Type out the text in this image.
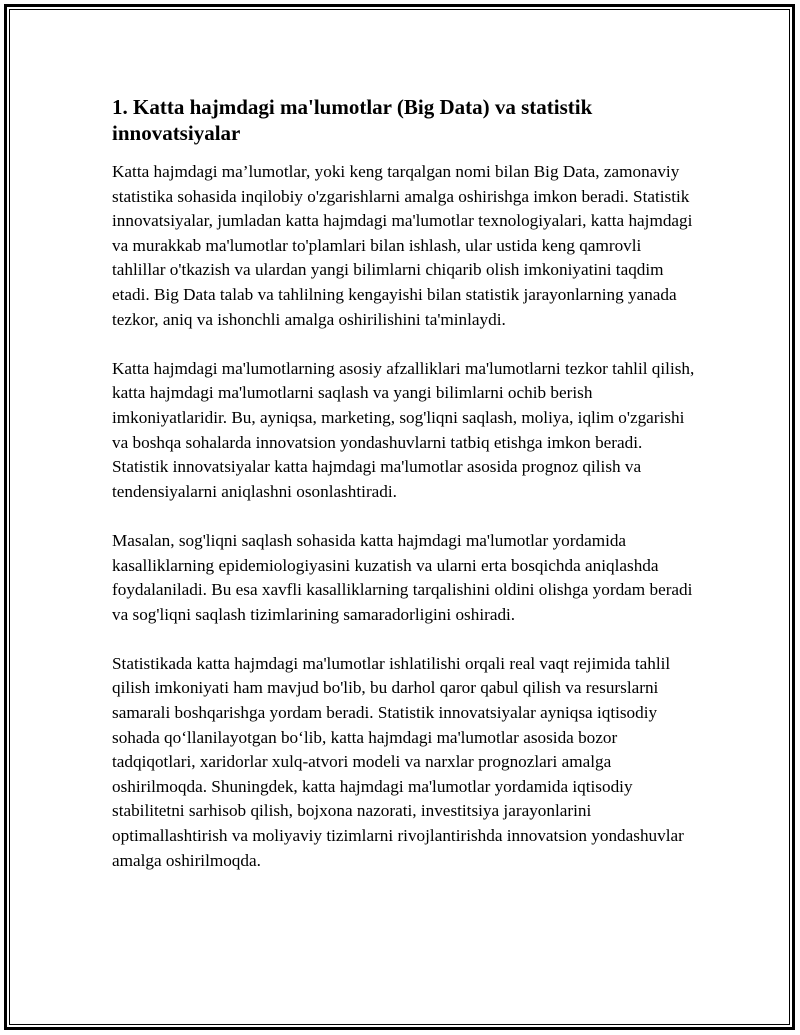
1. Katta hajmdagi ma'lumotlar (Big Data) va statistik innovatsiyalar

Katta hajmdagi ma’lumotlar, yoki keng tarqalgan nomi bilan Big Data, zamonaviy statistika sohasida inqilobiy o'zgarishlarni amalga oshirishga imkon beradi. Statistik innovatsiyalar, jumladan katta hajmdagi ma'lumotlar texnologiyalari, katta hajmdagi va murakkab ma'lumotlar to'plamlari bilan ishlash, ular ustida keng qamrovli tahlillar o'tkazish va ulardan yangi bilimlarni chiqarib olish imkoniyatini taqdim etadi. Big Data talab va tahlilning kengayishi bilan statistik jarayonlarning yanada tezkor, aniq va ishonchli amalga oshirilishini ta'minlaydi.

Katta hajmdagi ma'lumotlarning asosiy afzalliklari ma'lumotlarni tezkor tahlil qilish, katta hajmdagi ma'lumotlarni saqlash va yangi bilimlarni ochib berish imkoniyatlaridir. Bu, ayniqsa, marketing, sog'liqni saqlash, moliya, iqlim o'zgarishi va boshqa sohalarda innovatsion yondashuvlarni tatbiq etishga imkon beradi. Statistik innovatsiyalar katta hajmdagi ma'lumotlar asosida prognoz qilish va tendensiyalarni aniqlashni osonlashtiradi.

Masalan, sog'liqni saqlash sohasida katta hajmdagi ma'lumotlar yordamida kasalliklarning epidemiologiyasini kuzatish va ularni erta bosqichda aniqlashda foydalaniladi. Bu esa xavfli kasalliklarning tarqalishini oldini olishga yordam beradi va sog'liqni saqlash tizimlarining samaradorligini oshiradi.

Statistikada katta hajmdagi ma'lumotlar ishlatilishi orqali real vaqt rejimida tahlil qilish imkoniyati ham mavjud bo'lib, bu darhol qaror qabul qilish va resurslarni samarali boshqarishga yordam beradi. Statistik innovatsiyalar ayniqsa iqtisodiy sohada qo‘llanilayotgan bo‘lib, katta hajmdagi ma'lumotlar asosida bozor tadqiqotlari, xaridorlar xulq-atvori modeli va narxlar prognozlari amalga oshirilmoqda. Shuningdek, katta hajmdagi ma'lumotlar yordamida iqtisodiy stabilitetni sarhisob qilish, bojxona nazorati, investitsiya jarayonlarini optimallashtirish va moliyaviy tizimlarni rivojlantirishda innovatsion yondashuvlar amalga oshirilmoqda.
